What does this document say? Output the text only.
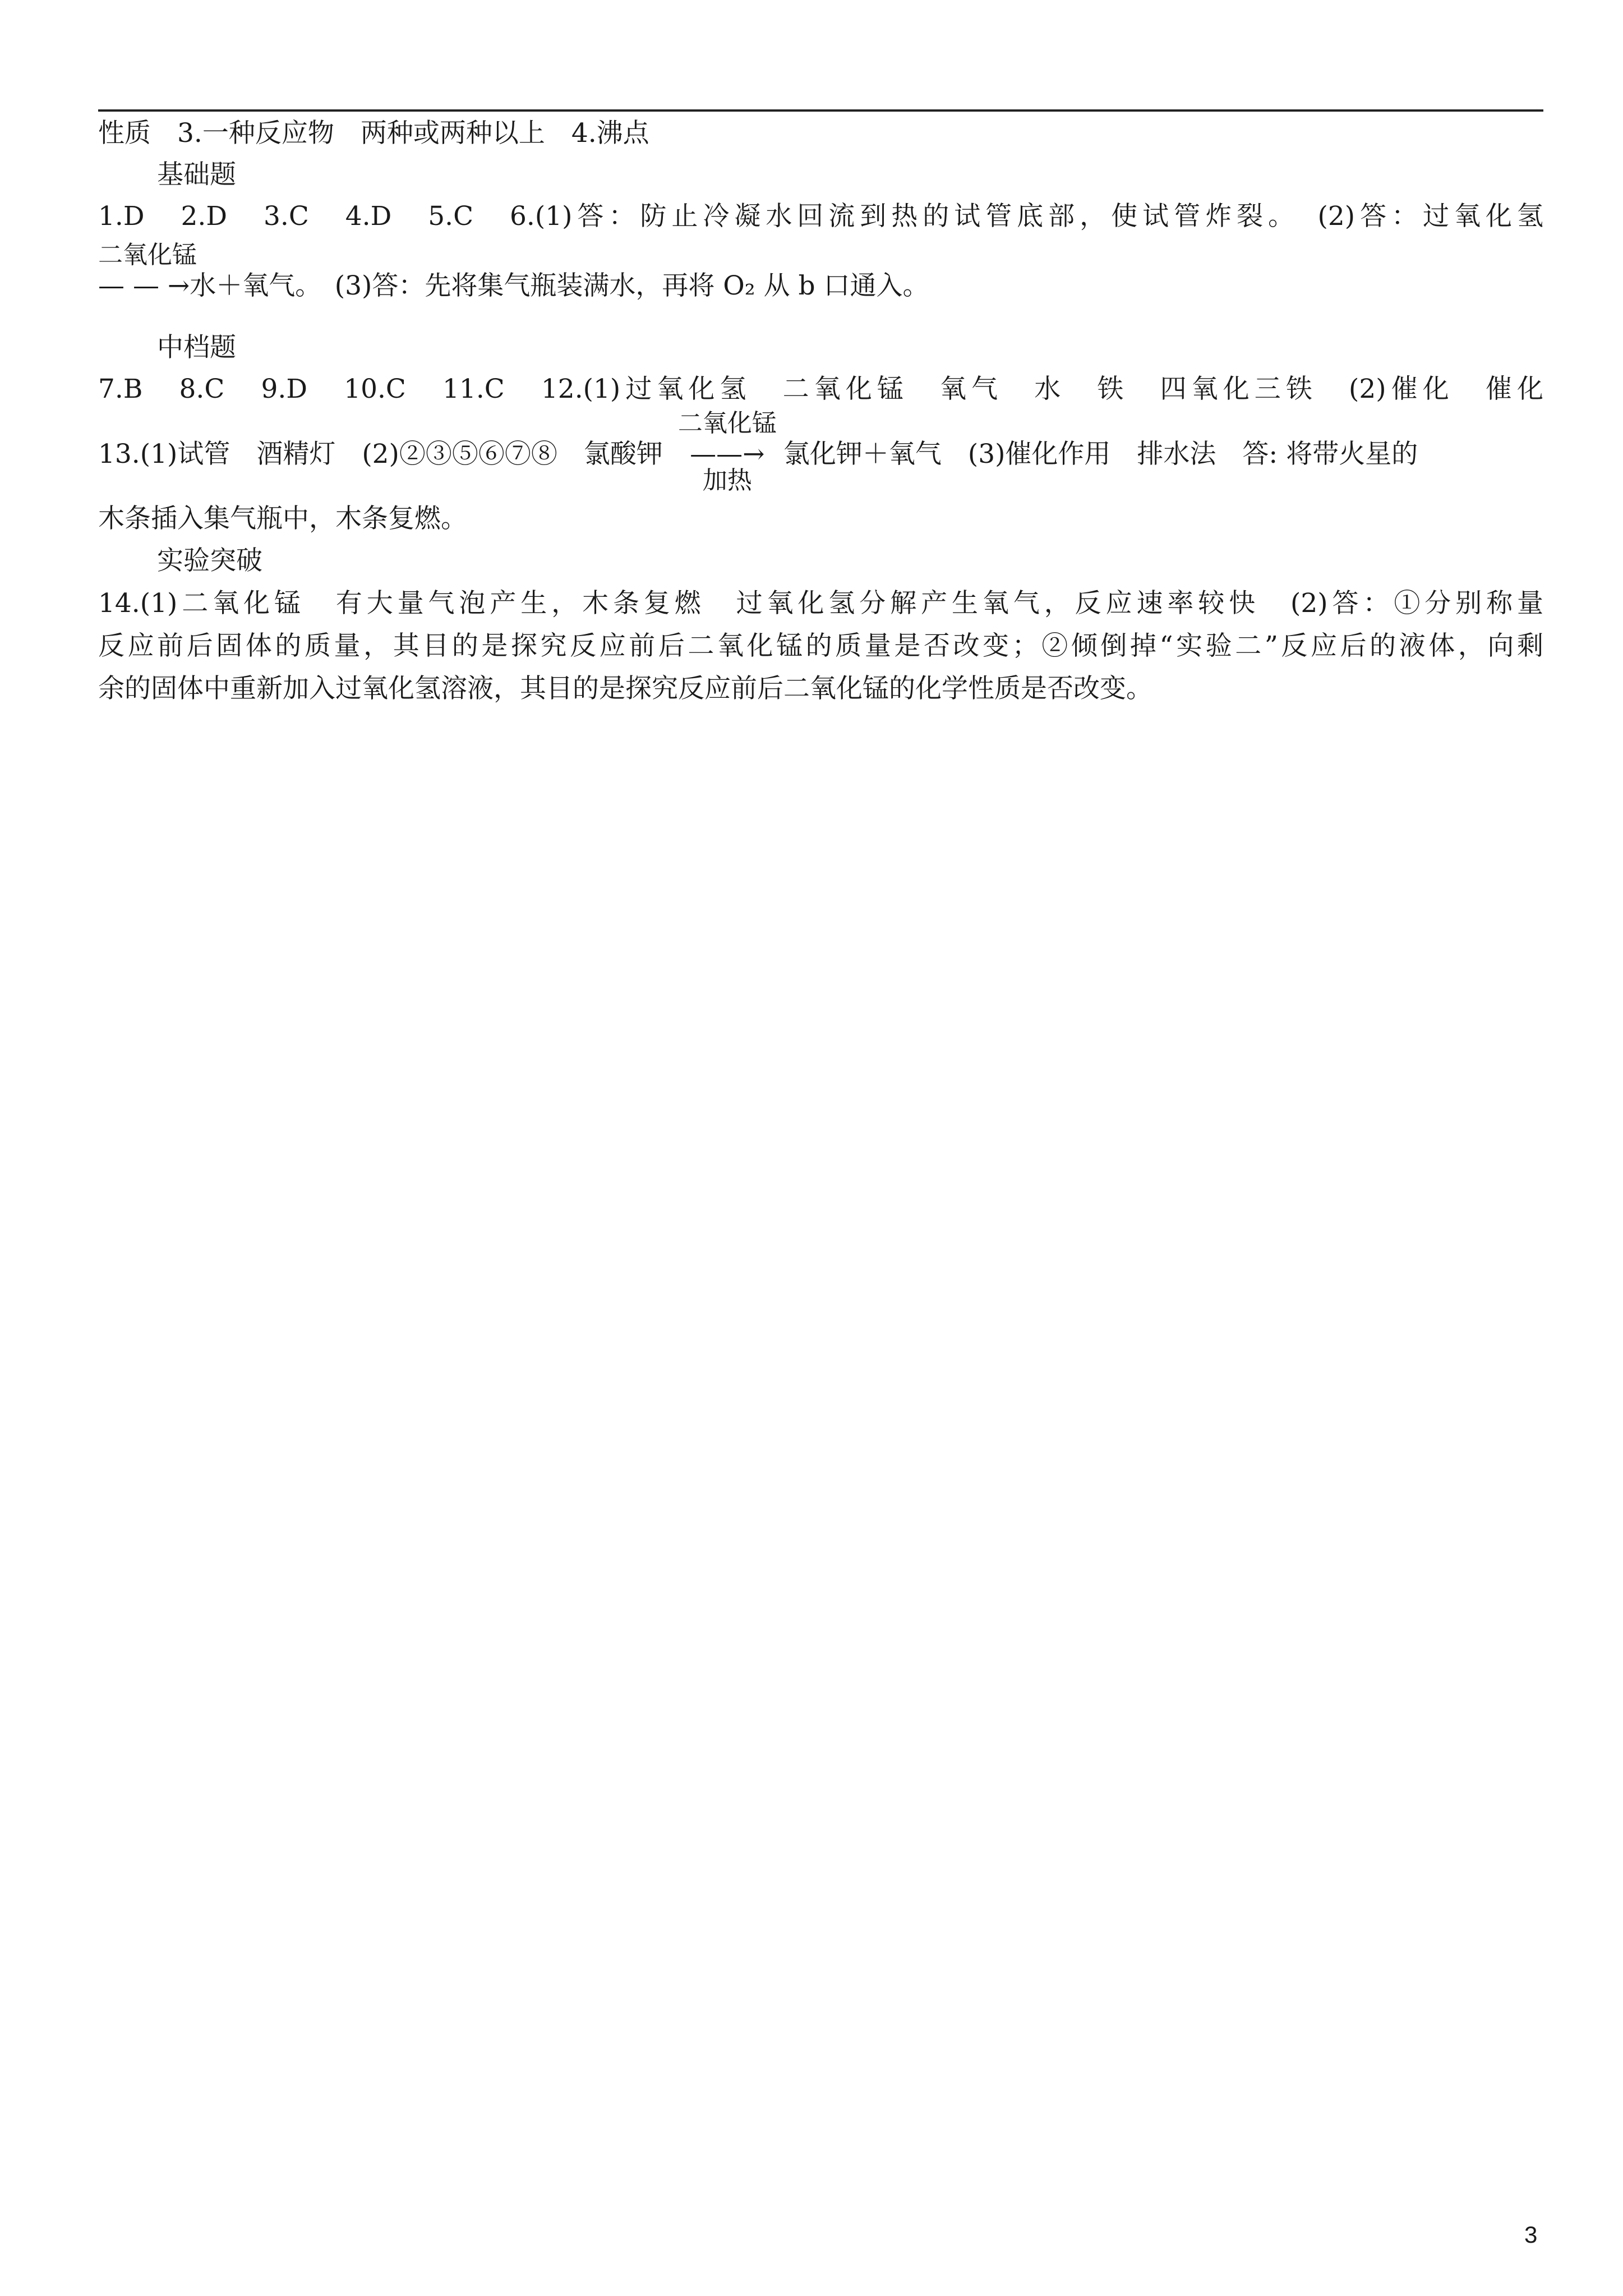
性质　3.一种反应物　两种或两种以上　4.沸点
基础题
1.D　2.D　3.C　4.D　5.C　6.(1)答：防止冷凝水回流到热的试管底部，使试管炸裂。　(2)答：过氧化氢
二氧化锰
— — →水＋氧气。　(3)答：先将集气瓶装满水，再将 O₂ 从 b 口通入。
中档题
7.B　8.C　9.D　10.C　11.C　12.(1)过氧化氢　二氧化锰　氧气　水　铁　四氧化三铁　(2)催化　催化
13.(1)试管　酒精灯　(2)②③⑤⑥⑦⑧　氯酸钾
二氧化锰
——→
加热
氯化钾＋氧气　(3)催化作用　排水法　答: 将带火星的
木条插入集气瓶中，木条复燃。
实验突破
14.(1)二氧化锰　有大量气泡产生，木条复燃　过氧化氢分解产生氧气，反应速率较快　(2)答：①分别称量
反应前后固体的质量，其目的是探究反应前后二氧化锰的质量是否改变；②倾倒掉“实验二”反应后的液体，向剩
余的固体中重新加入过氧化氢溶液，其目的是探究反应前后二氧化锰的化学性质是否改变。
3
